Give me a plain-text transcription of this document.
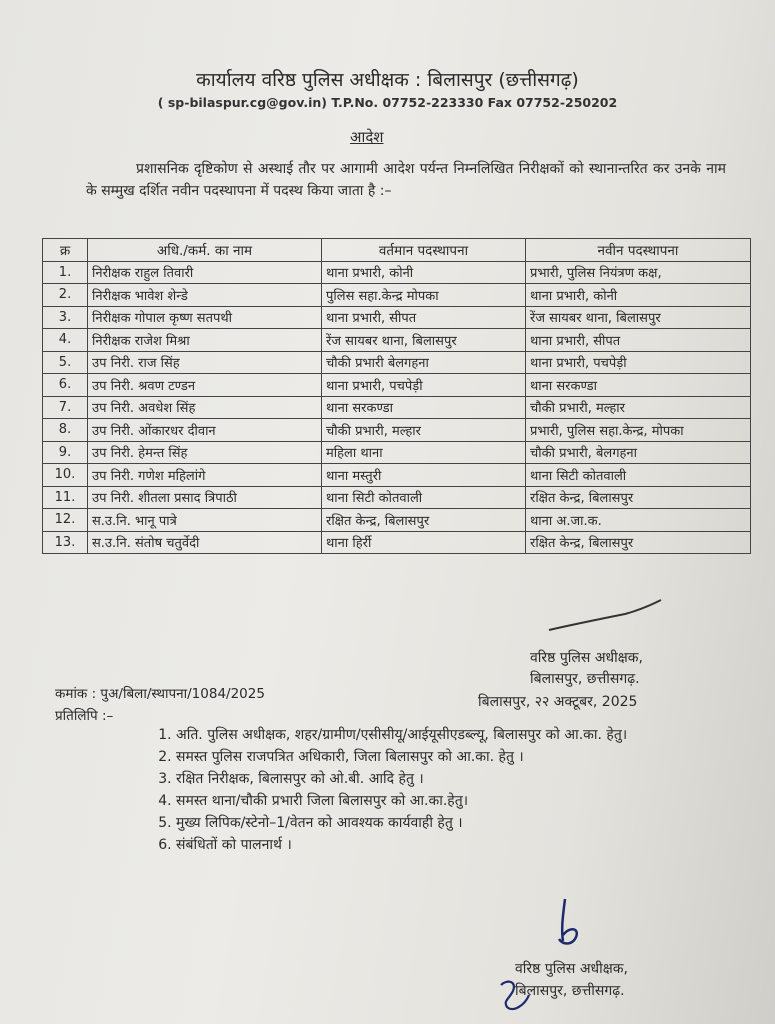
कार्यालय वरिष्ठ पुलिस अधीक्षक : बिलासपुर (छत्तीसगढ़)
( sp-bilaspur.cg@gov.in) T.P.No. 07752-223330 Fax 07752-250202
आदेश
प्रशासनिक दृष्टिकोण से अस्थाई तौर पर आगामी आदेश पर्यन्त निम्नलिखित निरीक्षकों को स्थानान्तरित कर उनके नाम के सम्मुख दर्शित नवीन पदस्थापना में पदस्थ किया जाता है :–
क्र	अधि./कर्म. का नाम	वर्तमान पदस्थापना	नवीन पदस्थापना
1.	निरीक्षक राहुल तिवारी	थाना प्रभारी, कोनी	प्रभारी, पुलिस नियंत्रण कक्ष,
2.	निरीक्षक भावेश शेन्डे	पुलिस सहा.केन्द्र मोपका	थाना प्रभारी, कोनी
3.	निरीक्षक गोपाल कृष्ण सतपथी	थाना प्रभारी, सीपत	रेंज सायबर थाना, बिलासपुर
4.	निरीक्षक राजेश मिश्रा	रेंज सायबर थाना, बिलासपुर	थाना प्रभारी, सीपत
5.	उप निरी. राज सिंह	चौकी प्रभारी बेलगहना	थाना प्रभारी, पचपेड़ी
6.	उप निरी. श्रवण टण्डन	थाना प्रभारी, पचपेड़ी	थाना सरकण्डा
7.	उप निरी. अवधेश सिंह	थाना सरकण्डा	चौकी प्रभारी, मल्हार
8.	उप निरी. ओंकारधर दीवान	चौकी प्रभारी, मल्हार	प्रभारी, पुलिस सहा.केन्द्र, मोपका
9.	उप निरी. हेमन्त सिंह	महिला थाना	चौकी प्रभारी, बेलगहना
10.	उप निरी. गणेश महिलांगे	थाना मस्तुरी	थाना सिटी कोतवाली
11.	उप निरी. शीतला प्रसाद त्रिपाठी	थाना सिटी कोतवाली	रक्षित केन्द्र, बिलासपुर
12.	स.उ.नि. भानू पात्रे	रक्षित केन्द्र, बिलासपुर	थाना अ.जा.क.
13.	स.उ.नि. संतोष चतुर्वेदी	थाना हिर्री	रक्षित केन्द्र, बिलासपुर
वरिष्ठ पुलिस अधीक्षक,
बिलासपुर, छत्तीसगढ़.
कमांक : पुअ/बिला/स्थापना/1084/2025	बिलासपुर, २२ अक्टूबर, 2025
प्रतिलिपि :–
1. अति. पुलिस अधीक्षक, शहर/ग्रामीण/एसीसीयू/आईयूसीएडब्ल्यू, बिलासपुर को आ.का. हेतु।
2. समस्त पुलिस राजपत्रित अधिकारी, जिला बिलासपुर को आ.का. हेतु ।
3. रक्षित निरीक्षक, बिलासपुर को ओ.बी. आदि हेतु ।
4. समस्त थाना/चौकी प्रभारी जिला बिलासपुर को आ.का.हेतु।
5. मुख्य लिपिक/स्टेनो–1/वेतन को आवश्यक कार्यवाही हेतु ।
6. संबंधितों को पालनार्थ ।
वरिष्ठ पुलिस अधीक्षक,
बिलासपुर, छत्तीसगढ़.
